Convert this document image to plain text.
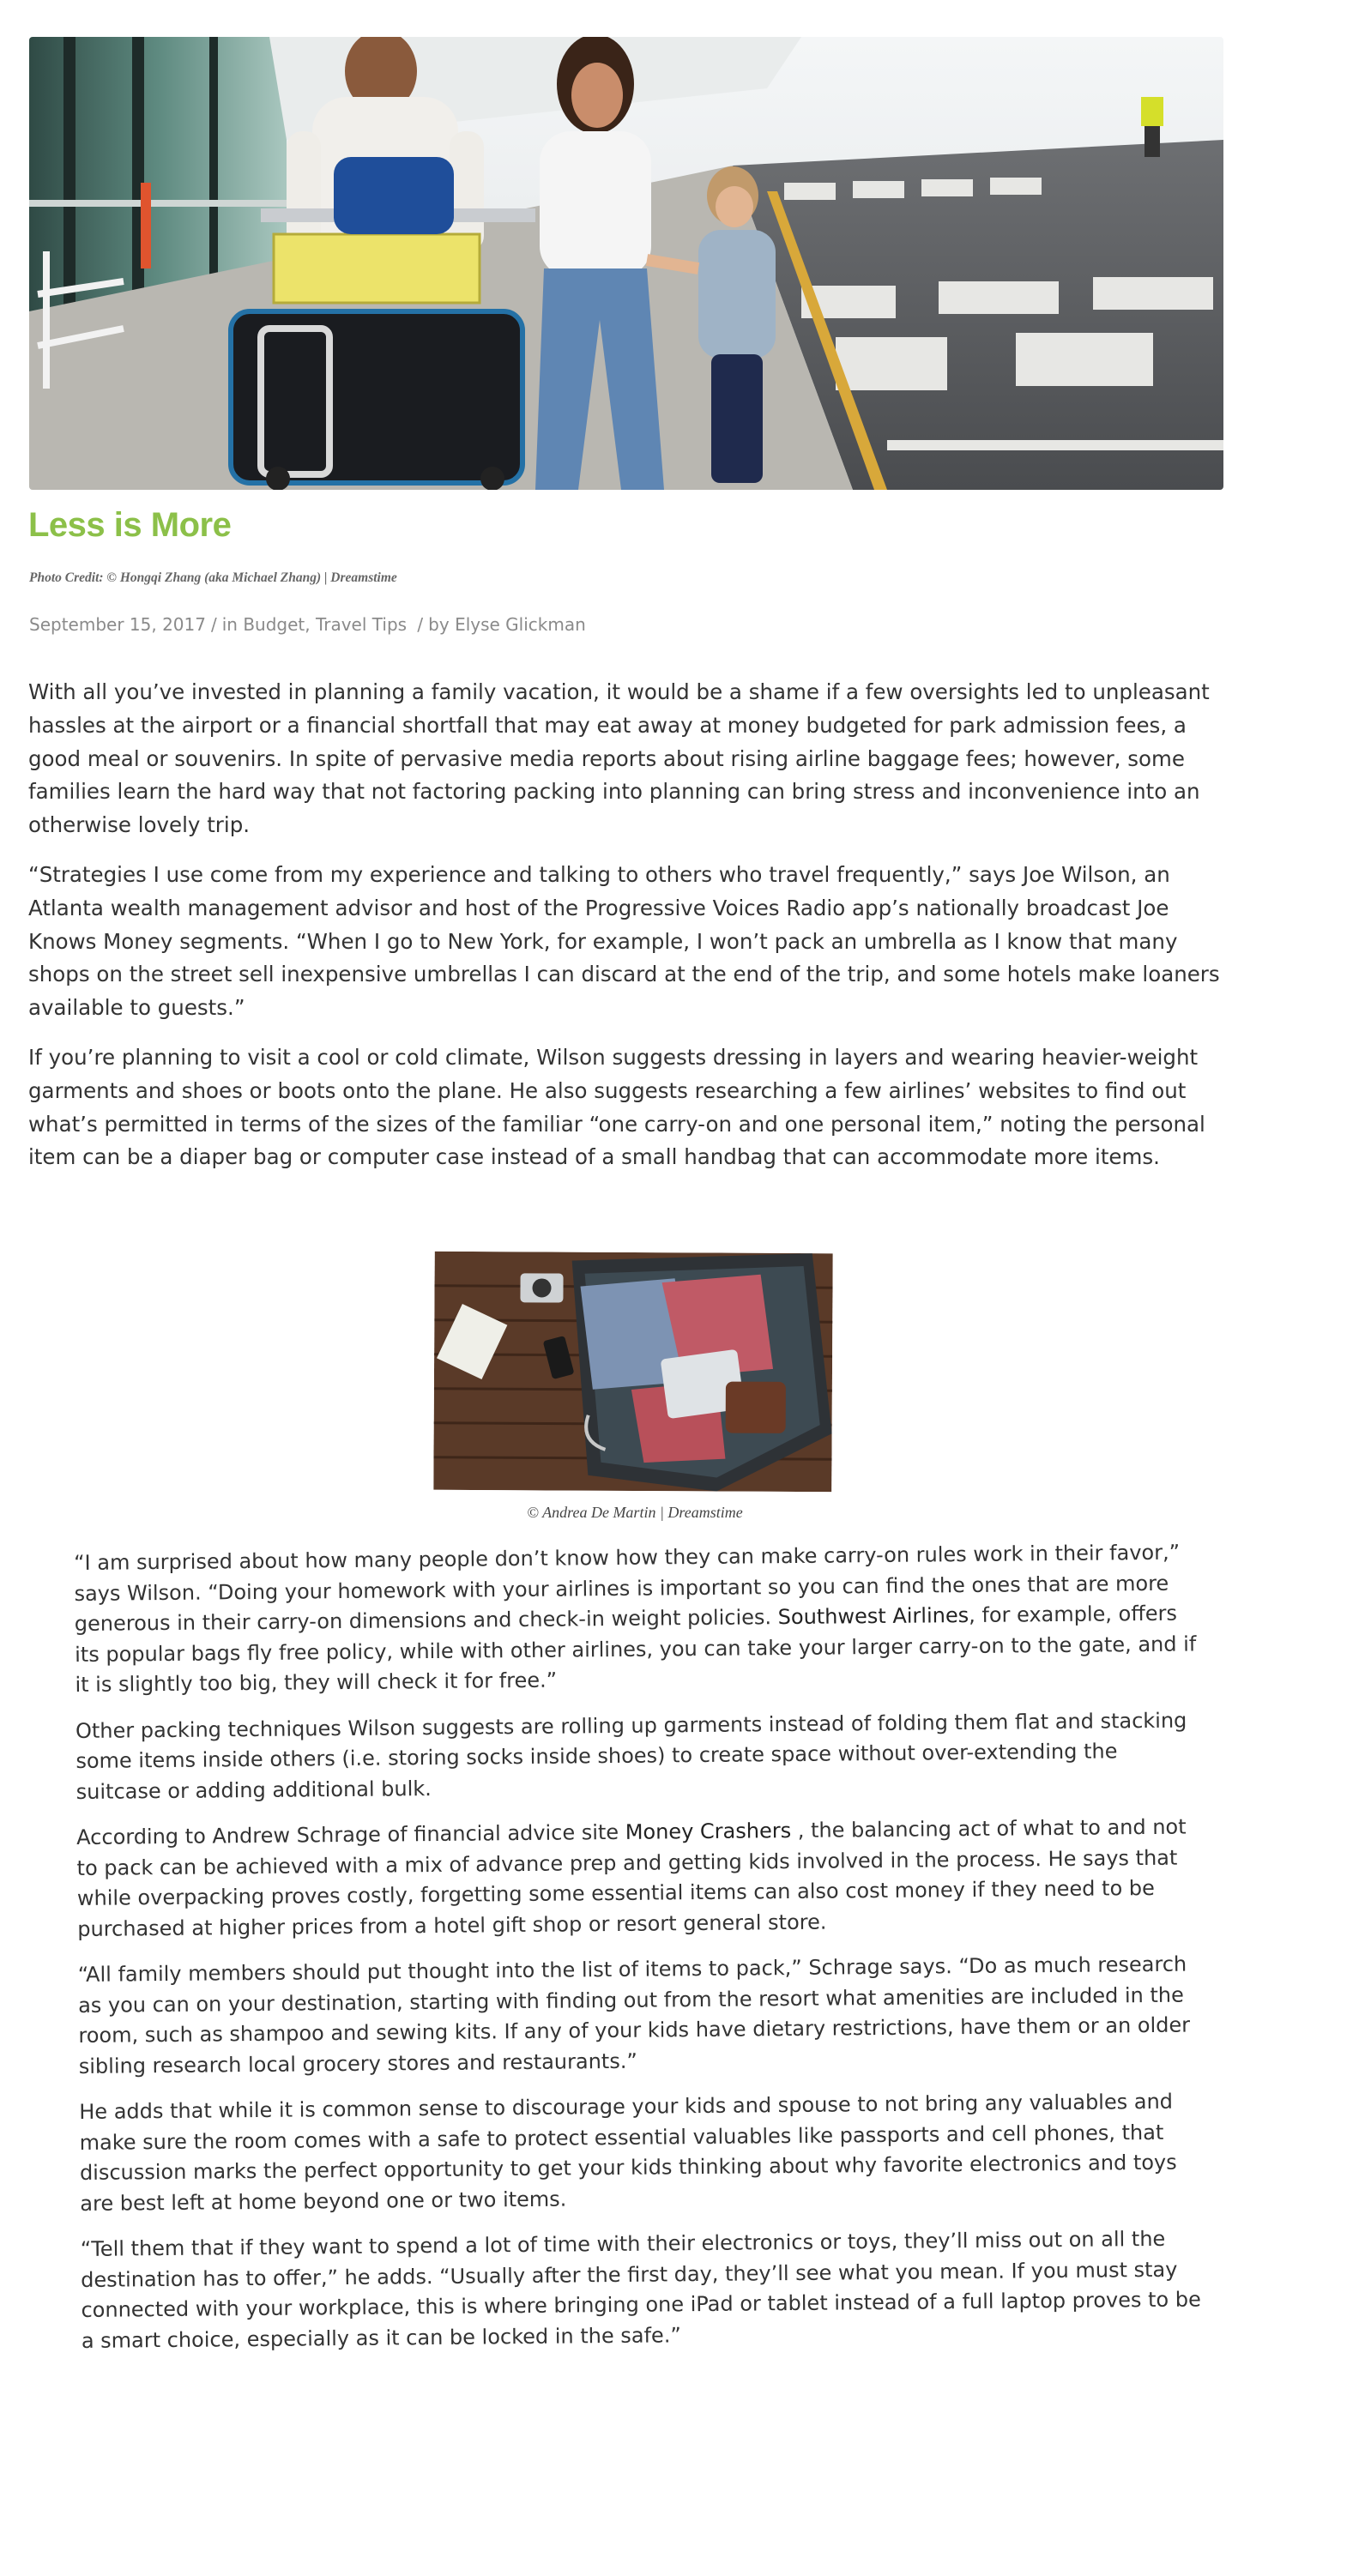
Less is More
Photo Credit: © Hongqi Zhang (aka Michael Zhang) | Dreamstime
September 15, 2017 / in Budget, Travel Tips / by Elyse Glickman

With all you’ve invested in planning a family vacation, it would be a shame if a few oversights led to unpleasant hassles at the airport or a financial shortfall that may eat away at money budgeted for park admission fees, a good meal or souvenirs. In spite of pervasive media reports about rising airline baggage fees; however, some families learn the hard way that not factoring packing into planning can bring stress and inconvenience into an otherwise lovely trip.

“Strategies I use come from my experience and talking to others who travel frequently,” says Joe Wilson, an Atlanta wealth management advisor and host of the Progressive Voices Radio app’s nationally broadcast Joe Knows Money segments. “When I go to New York, for example, I won’t pack an umbrella as I know that many shops on the street sell inexpensive umbrellas I can discard at the end of the trip, and some hotels make loaners available to guests.”

If you’re planning to visit a cool or cold climate, Wilson suggests dressing in layers and wearing heavier-weight garments and shoes or boots onto the plane. He also suggests researching a few airlines’ websites to find out what’s permitted in terms of the sizes of the familiar “one carry-on and one personal item,” noting the personal item can be a diaper bag or computer case instead of a small handbag that can accommodate more items.

© Andrea De Martin | Dreamstime

“I am surprised about how many people don’t know how they can make carry-on rules work in their favor,” says Wilson. “Doing your homework with your airlines is important so you can find the ones that are more generous in their carry-on dimensions and check-in weight policies. Southwest Airlines, for example, offers its popular bags fly free policy, while with other airlines, you can take your larger carry-on to the gate, and if it is slightly too big, they will check it for free.”

Other packing techniques Wilson suggests are rolling up garments instead of folding them flat and stacking some items inside others (i.e. storing socks inside shoes) to create space without over-extending the suitcase or adding additional bulk.

According to Andrew Schrage of financial advice site Money Crashers , the balancing act of what to and not to pack can be achieved with a mix of advance prep and getting kids involved in the process. He says that while overpacking proves costly, forgetting some essential items can also cost money if they need to be purchased at higher prices from a hotel gift shop or resort general store.

“All family members should put thought into the list of items to pack,” Schrage says. “Do as much research as you can on your destination, starting with finding out from the resort what amenities are included in the room, such as shampoo and sewing kits. If any of your kids have dietary restrictions, have them or an older sibling research local grocery stores and restaurants.”

He adds that while it is common sense to discourage your kids and spouse to not bring any valuables and make sure the room comes with a safe to protect essential valuables like passports and cell phones, that discussion marks the perfect opportunity to get your kids thinking about why favorite electronics and toys are best left at home beyond one or two items.

“Tell them that if they want to spend a lot of time with their electronics or toys, they’ll miss out on all the destination has to offer,” he adds. “Usually after the first day, they’ll see what you mean. If you must stay connected with your workplace, this is where bringing one iPad or tablet instead of a full laptop proves to be a smart choice, especially as it can be locked in the safe.”
